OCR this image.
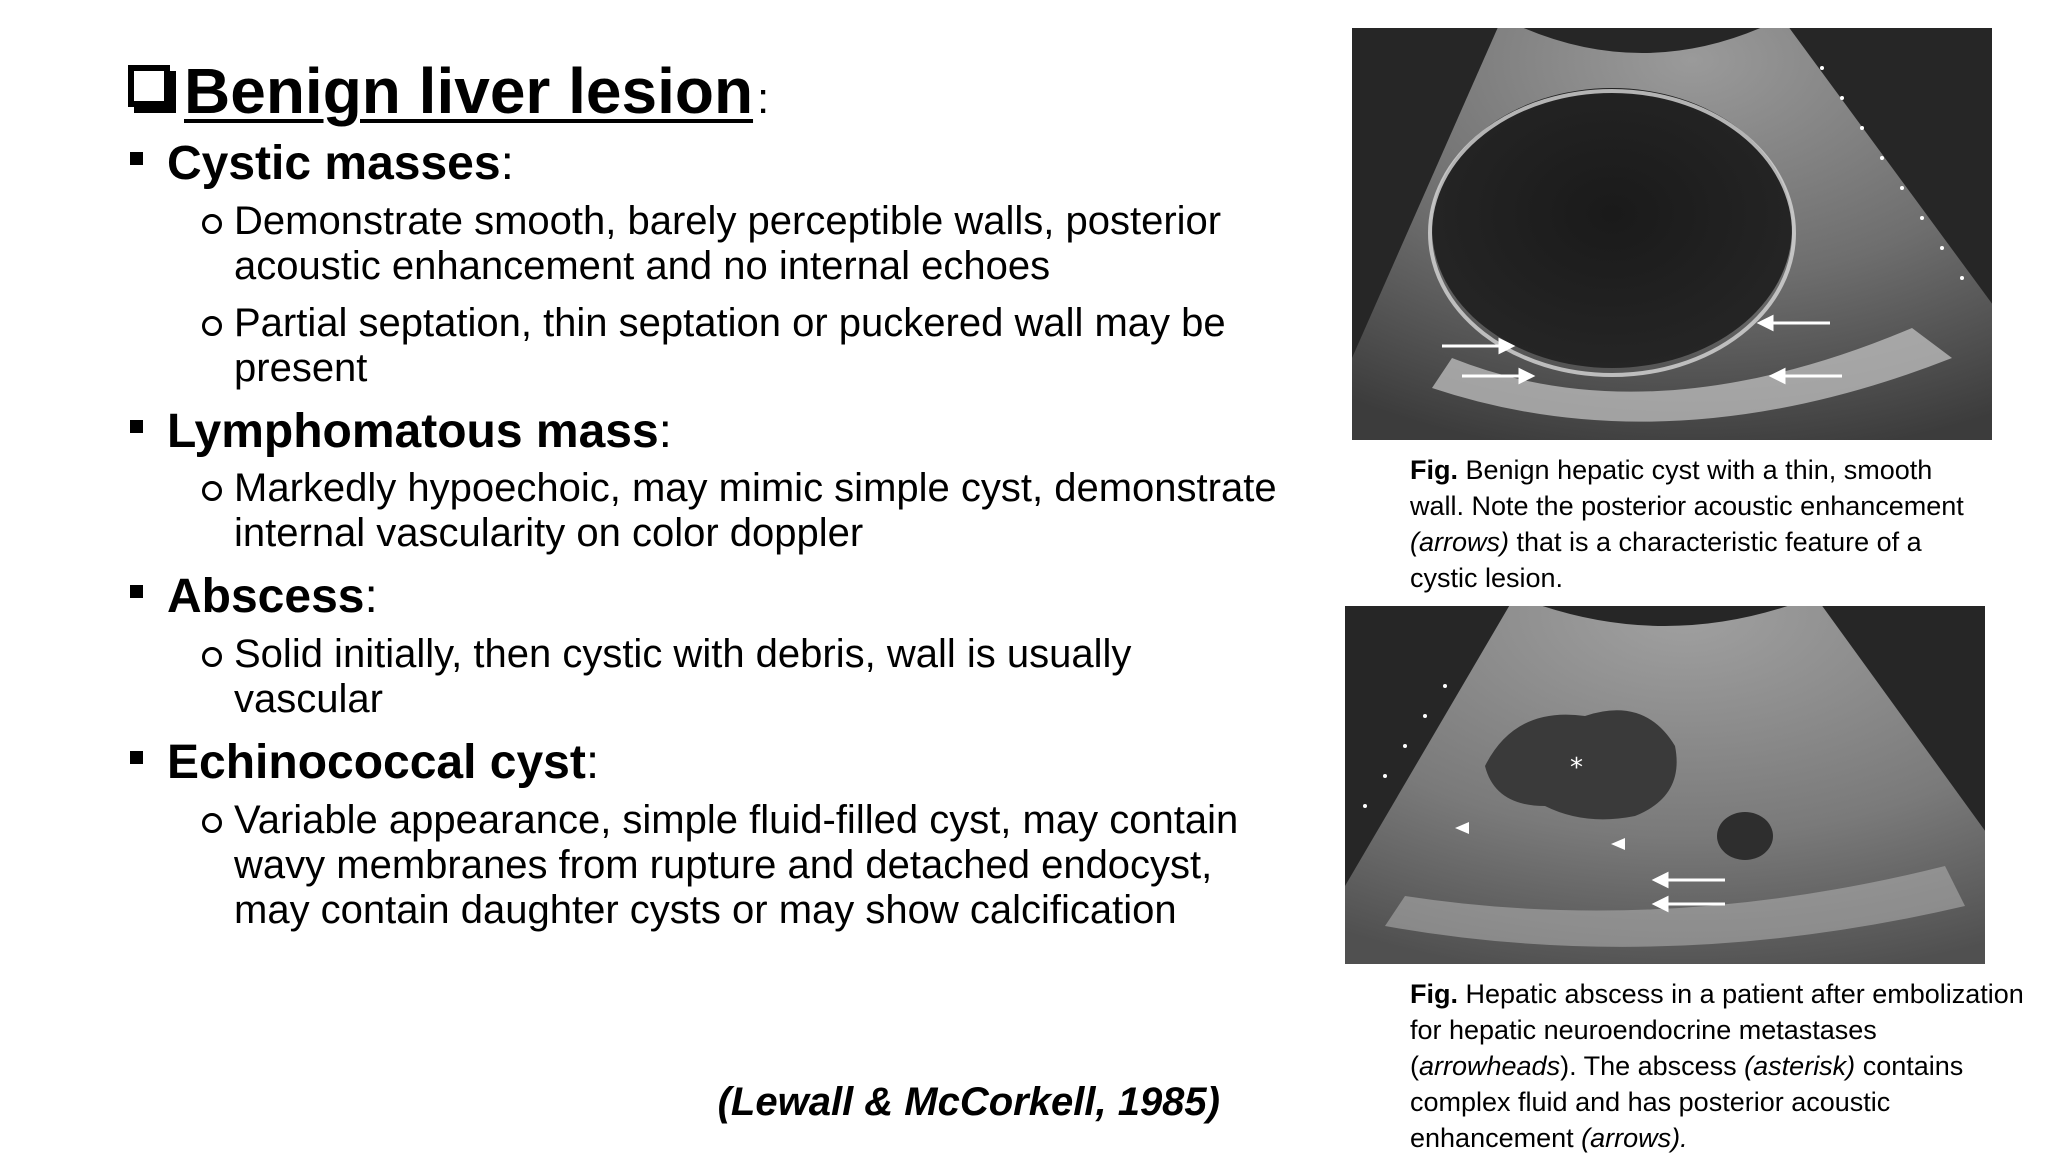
Benign liver lesion :
Cystic masses :
Demonstrate smooth, barely perceptible walls, posterior acoustic enhancement and no internal echoes
Partial septation, thin septation or puckered wall may be present
Lymphomatous mass :
Markedly hypoechoic, may mimic simple cyst, demonstrate internal vascularity on color doppler
Abscess :
Solid initially, then cystic with debris, wall is usually vascular
Echinococcal cyst :
Variable appearance, simple fluid-filled cyst, may contain wavy membranes from rupture and detached endocyst, may contain daughter cysts or may show calcification
(Lewall & McCorkell, 1985)
Fig. Benign hepatic cyst with a thin, smooth wall. Note the posterior acoustic enhancement (arrows) that is a characteristic feature of a cystic lesion.
*
Fig. Hepatic abscess in a patient after embolization for hepatic neuroendocrine metastases (arrowheads). The abscess (asterisk) contains complex fluid and has posterior acoustic enhancement (arrows).
